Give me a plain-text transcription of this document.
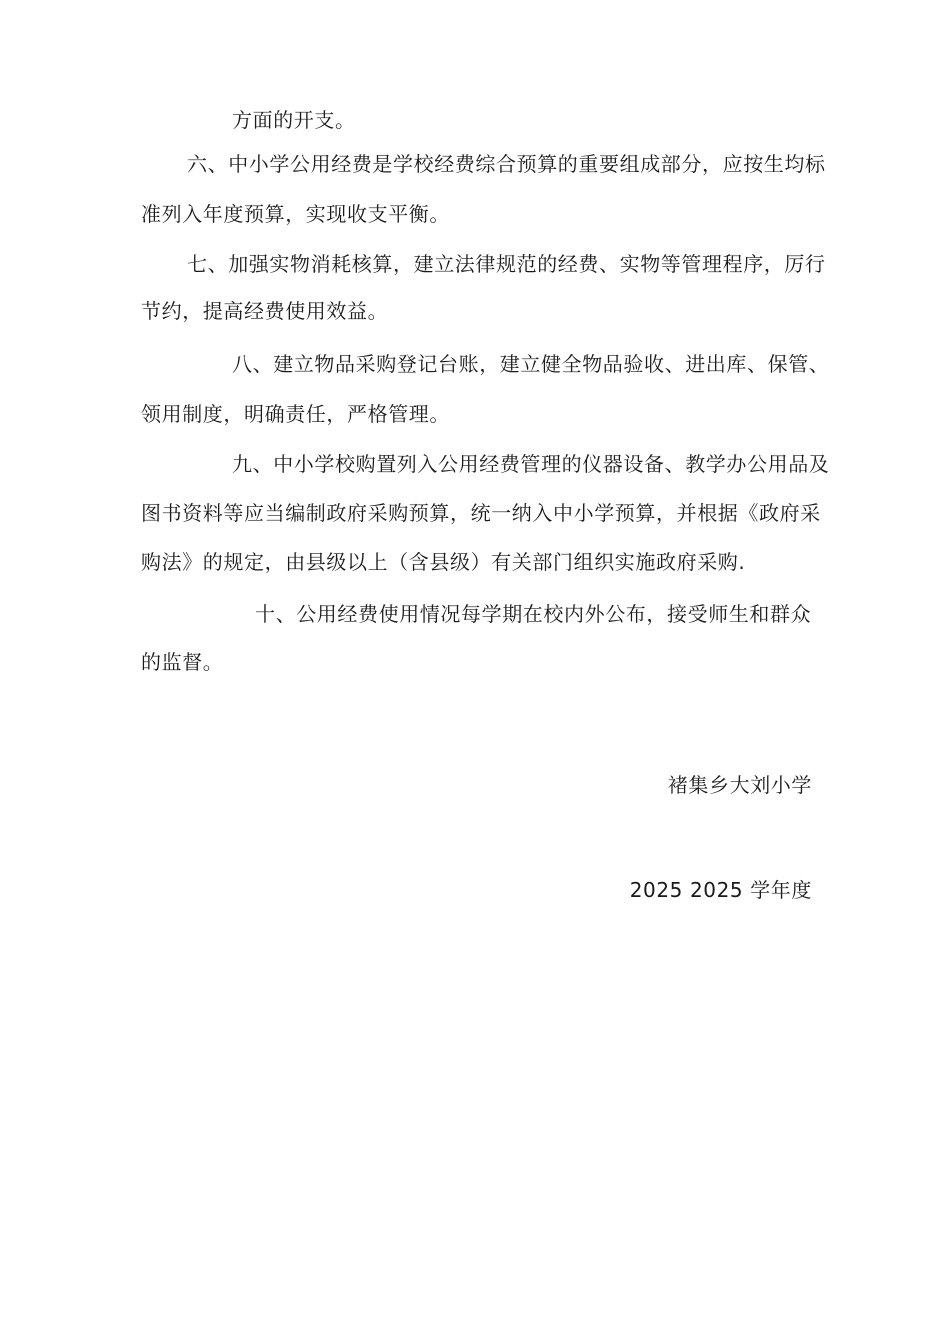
方面的开支。
六、中小学公用经费是学校经费综合预算的重要组成部分，应按生均标
准列入年度预算，实现收支平衡。
七、加强实物消耗核算，建立法律规范的经费、实物等管理程序，厉行
节约，提高经费使用效益。
八、建立物品采购登记台账，建立健全物品验收、进出库、保管、
领用制度，明确责任，严格管理。
九、中小学校购置列入公用经费管理的仪器设备、教学办公用品及
图书资料等应当编制政府采购预算，统一纳入中小学预算，并根据《政府采
购法》的规定，由县级以上（含县级）有关部门组织实施政府采购.
十、公用经费使用情况每学期在校内外公布，接受师生和群众
的监督。
褚集乡大刘小学
2025 2025 学年度
